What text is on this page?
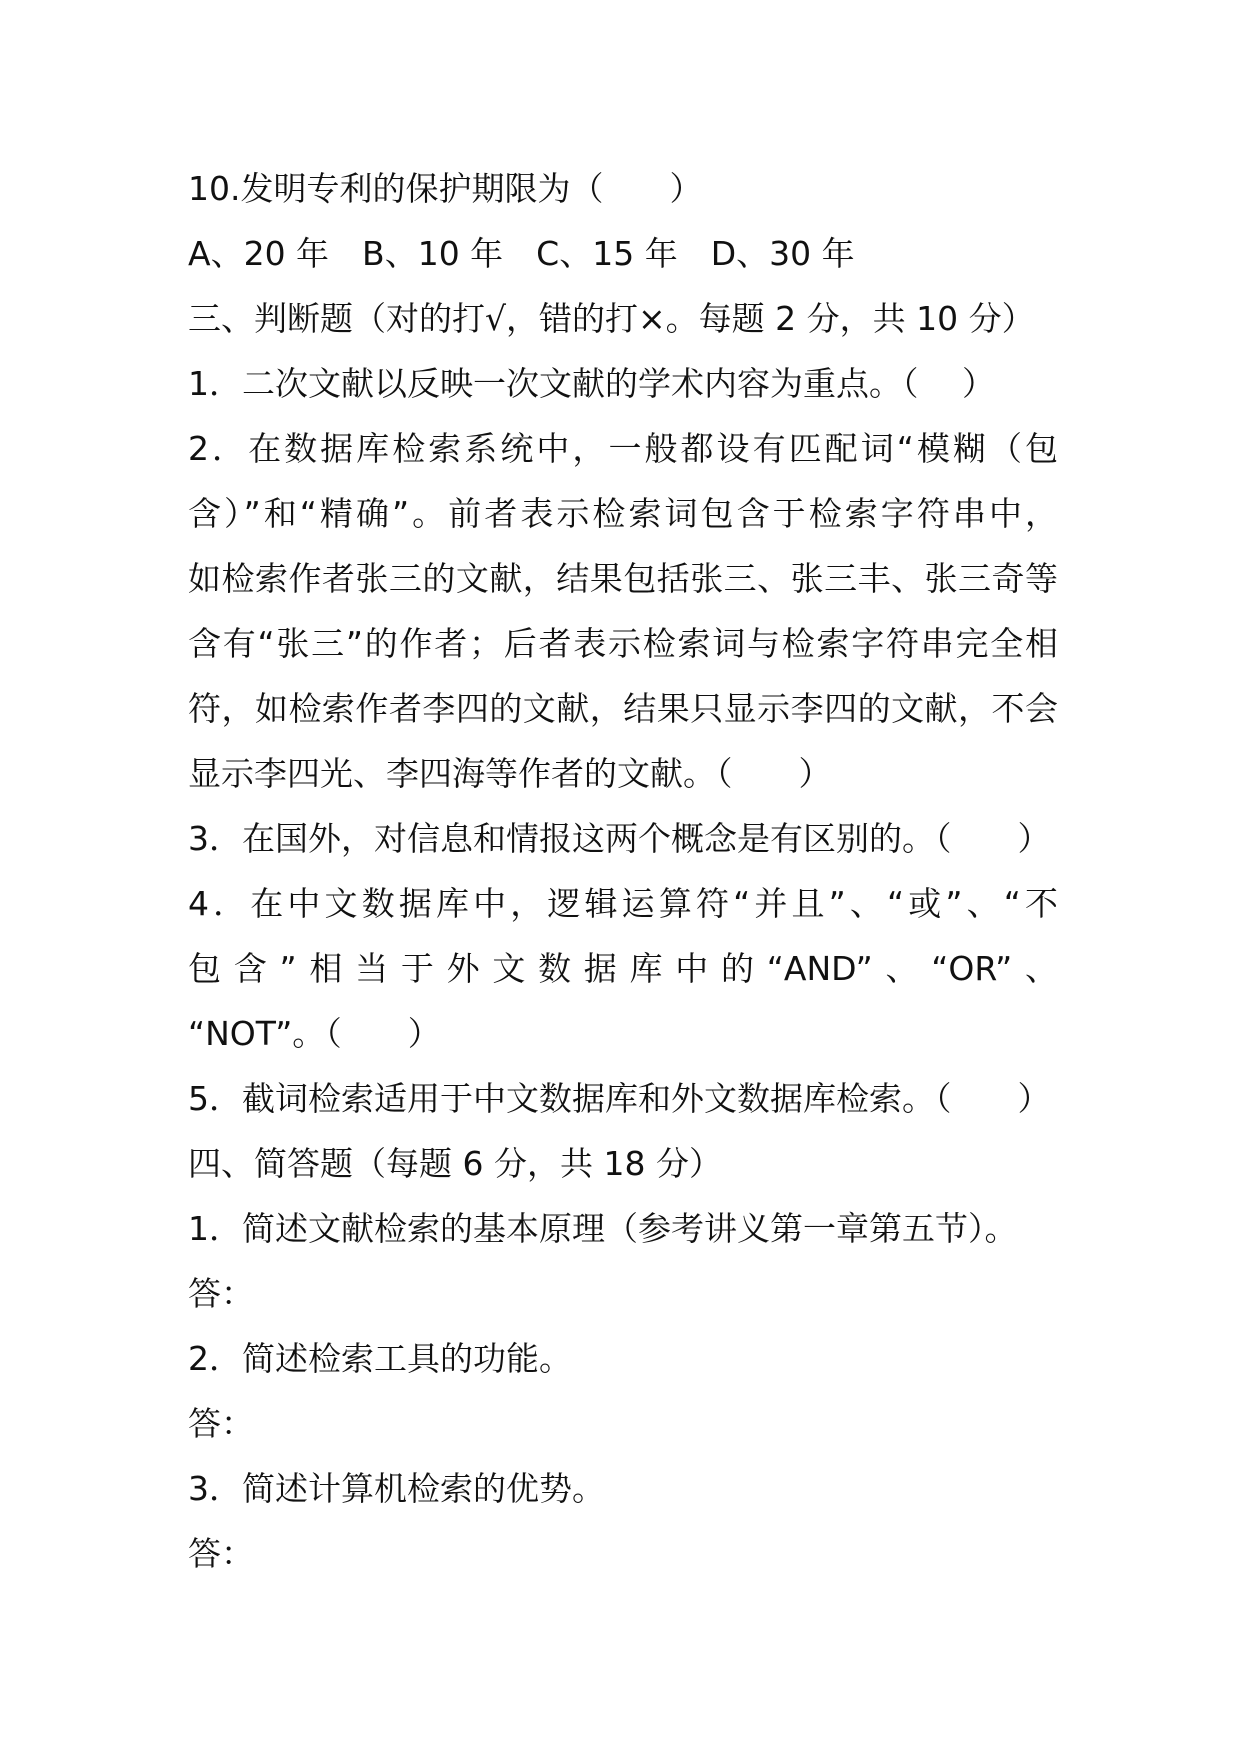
10.发明专利的保护期限为（　　）
A、20 年　B、10 年　C、15 年　D、30 年
三、判断题（对的打√，错的打×。每题 2 分，共 10 分）
1．二次文献以反映一次文献的学术内容为重点。（　 ）
2．在数据库检索系统中，一般都设有匹配词“模糊（包
含）”和“精确”。前者表示检索词包含于检索字符串中，
如检索作者张三的文献，结果包括张三、张三丰、张三奇等
含有“张三”的作者；后者表示检索词与检索字符串完全相
符，如检索作者李四的文献，结果只显示李四的文献，不会
显示李四光、李四海等作者的文献。（　　）
3．在国外，对信息和情报这两个概念是有区别的。（　　）
4．在中文数据库中，逻辑运算符“并且”、“或”、“不
包含”相当于外文数据库中的“AND”、“OR”、
“NOT”。（　　）
5．截词检索适用于中文数据库和外文数据库检索。（　　）
四、简答题（每题 6 分，共 18 分）
1．简述文献检索的基本原理（参考讲义第一章第五节）。
答：
2．简述检索工具的功能。
答：
3．简述计算机检索的优势。
答：
